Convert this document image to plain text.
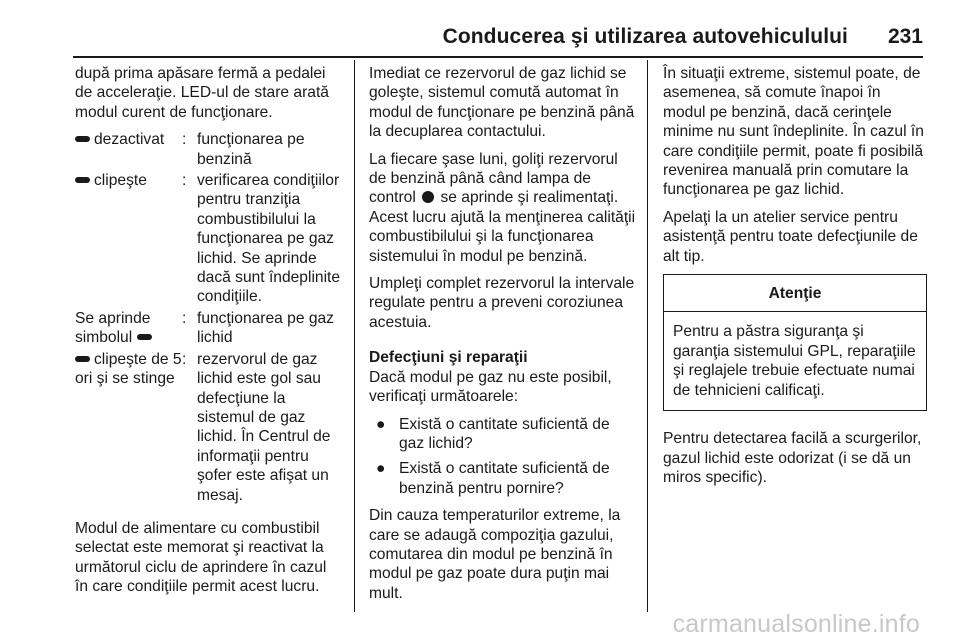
Conducerea şi utilizarea autovehiculului 231

după prima apăsare fermă a pedalei de acceleraţie. LED-ul de stare arată modul curent de funcţionare.

dezactivat	: funcţionarea pe benzină
clipeşte	: verificarea condiţiilor pentru tranziţia combustibilului la funcţionarea pe gaz lichid. Se aprinde dacă sunt îndeplinite condiţiile.
Se aprinde simbolul
: funcţionarea pe gaz lichid
clipeşte de 5 ori şi se stinge
: rezervorul de gaz lichid este gol sau defecţiune la sistemul de gaz lichid. În Centrul de informaţii pentru şofer este afişat un mesaj.

Modul de alimentare cu combustibil selectat este memorat şi reactivat la următorul ciclu de aprindere în cazul în care condiţiile permit acest lucru.

Imediat ce rezervorul de gaz lichid se goleşte, sistemul comută automat în modul de funcţionare pe benzină până la decuplarea contactului.

La fiecare şase luni, goliţi rezervorul de benzină până când lampa de control se aprinde şi realimentaţi. Acest lucru ajută la menţinerea calităţii combustibilului şi la funcţionarea sistemului în modul pe benzină.

Umpleţi complet rezervorul la intervale regulate pentru a preveni coroziunea acestuia.

Defecţiuni şi reparaţii

Dacă modul pe gaz nu este posibil, verificaţi următoarele:

● Există o cantitate suficientă de gaz lichid?
● Există o cantitate suficientă de benzină pentru pornire?

Din cauza temperaturilor extreme, la care se adaugă compoziţia gazului, comutarea din modul pe benzină în modul pe gaz poate dura puţin mai mult.

În situaţii extreme, sistemul poate, de asemenea, să comute înapoi în modul pe benzină, dacă cerinţele minime nu sunt îndeplinite. În cazul în care condiţiile permit, poate fi posibilă revenirea manuală prin comutare la funcţionarea pe gaz lichid.

Apelaţi la un atelier service pentru asistenţă pentru toate defecţiunile de alt tip.

Atenţie
Pentru a păstra siguranţa şi garanţia sistemului GPL, reparaţiile şi reglajele trebuie efectuate numai de tehnicieni calificaţi.

Pentru detectarea facilă a scurgerilor, gazul lichid este odorizat (i se dă un miros specific).

carmanualsonline.info
